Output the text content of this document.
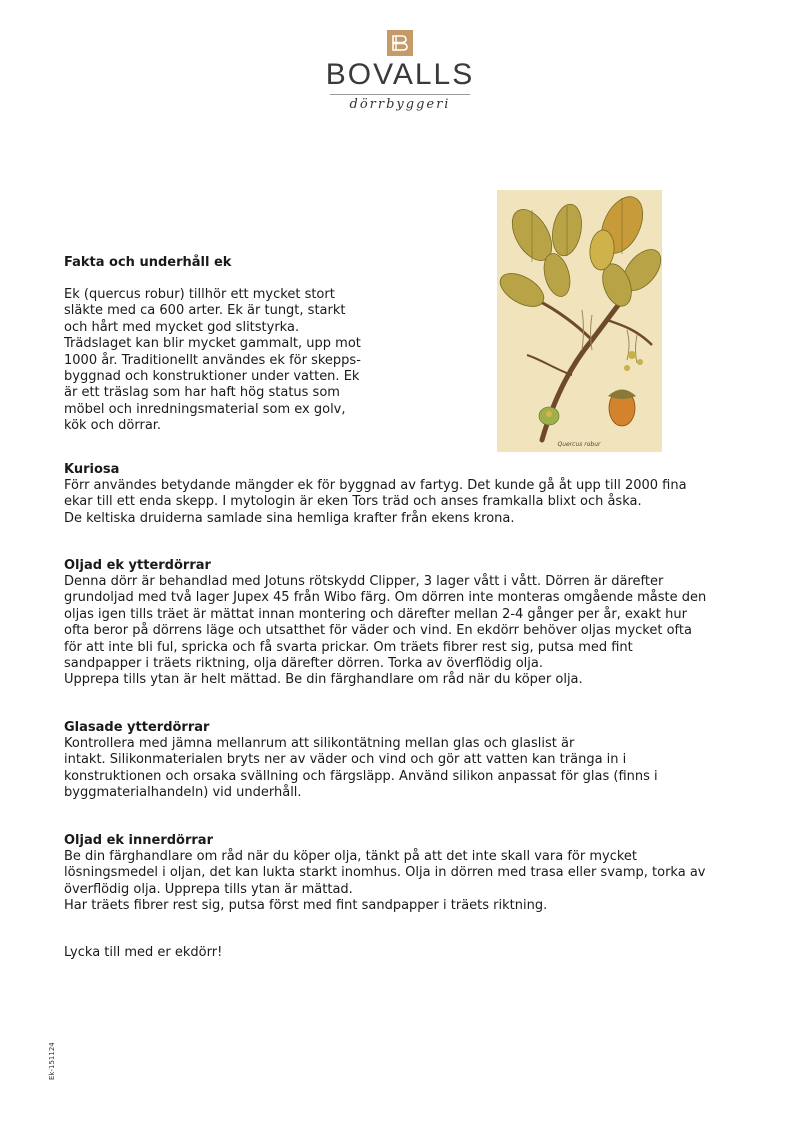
BOVALLS
dörrbyggeri
Quercus robur
Fakta och underhåll ek

Ek (quercus robur) tillhör ett mycket stort
släkte med ca 600 arter. Ek är tungt, starkt
och hårt med mycket god slitstyrka.
Trädslaget kan blir mycket gammalt, upp mot
1000 år. Traditionellt användes ek för skepps-
byggnad och konstruktioner under vatten. Ek
är ett träslag som har haft hög status som
möbel och inredningsmaterial som ex golv,
kök och dörrar.

Kuriosa

Förr användes betydande mängder ek för byggnad av fartyg. Det kunde gå åt upp till 2000 fina
ekar till ett enda skepp. I mytologin är eken Tors träd och anses framkalla blixt och åska.
De keltiska druiderna samlade sina hemliga krafter från ekens krona.

Oljad ek ytterdörrar

Denna dörr är behandlad med Jotuns rötskydd Clipper, 3 lager vått i vått. Dörren är därefter
grundoljad med två lager Jupex 45 från Wibo färg. Om dörren inte monteras omgående måste den
oljas igen tills träet är mättat innan montering och därefter mellan 2-4 gånger per år, exakt hur
ofta beror på dörrens läge och utsatthet för väder och vind. En ekdörr behöver oljas mycket ofta
för att inte bli ful, spricka och få svarta prickar. Om träets fibrer rest sig, putsa med fint
sandpapper i träets riktning, olja därefter dörren. Torka av överflödig olja.
Upprepa tills ytan är helt mättad. Be din färghandlare om råd när du köper olja.

Glasade ytterdörrar

Kontrollera med jämna mellanrum att silikontätning mellan glas och glaslist är
intakt. Silikonmaterialen bryts ner av väder och vind och gör att vatten kan tränga in i
konstruktionen och orsaka svällning och färgsläpp. Använd silikon anpassat för glas (finns i
byggmaterialhandeln) vid underhåll.

Oljad ek innerdörrar

Be din färghandlare om råd när du köper olja, tänkt på att det inte skall vara för mycket
lösningsmedel i oljan, det kan lukta starkt inomhus. Olja in dörren med trasa eller svamp, torka av
överflödig olja. Upprepa tills ytan är mättad.
Har träets fibrer rest sig, putsa först med fint sandpapper i träets riktning.

Lycka till med er ekdörr!

Ek-151124
